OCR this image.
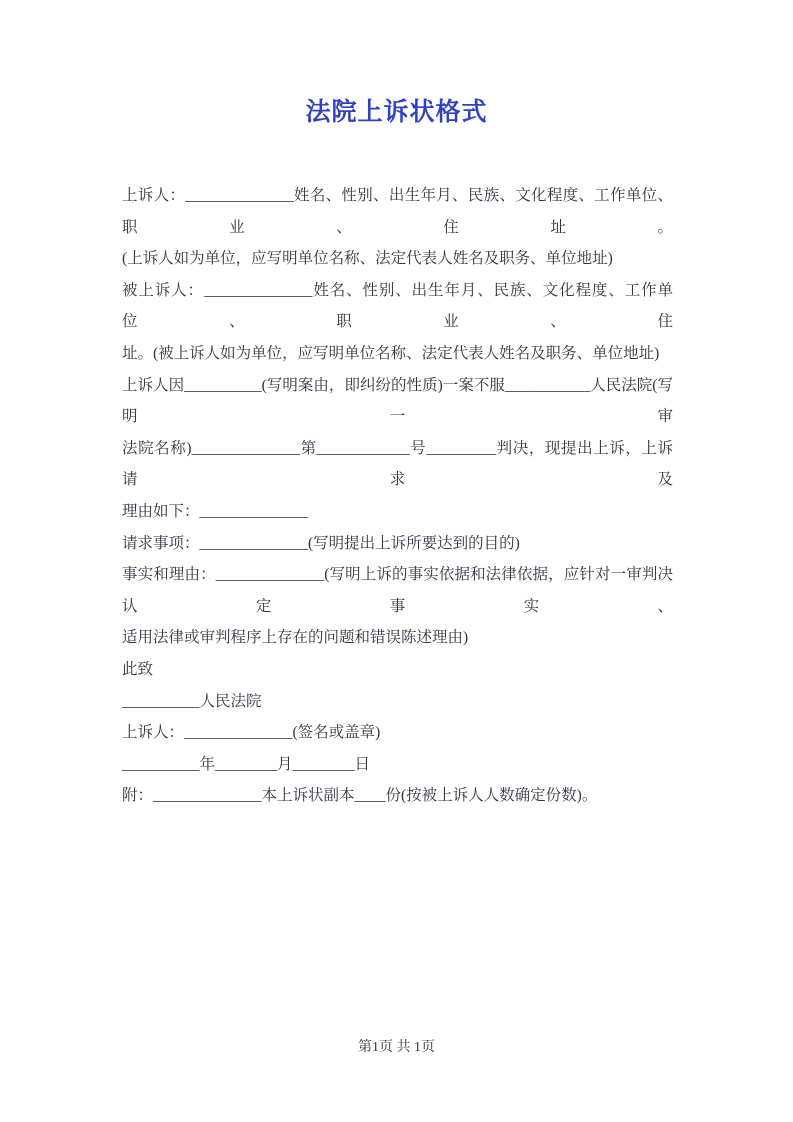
法院上诉状格式
上诉人：______________姓名、性别、出生年月、民族、文化程度、工作单位、职业、住址。
(上诉人如为单位，应写明单位名称、法定代表人姓名及职务、单位地址)
被上诉人：______________姓名、性别、出生年月、民族、文化程度、工作单位、职业、住
址。(被上诉人如为单位，应写明单位名称、法定代表人姓名及职务、单位地址)
上诉人因__________(写明案由，即纠纷的性质)一案不服___________人民法院(写明一审
法院名称)______________第____________号_________判决，现提出上诉，上诉请求及
理由如下：______________
请求事项：______________(写明提出上诉所要达到的目的)
事实和理由：______________(写明上诉的事实依据和法律依据，应针对一审判决认定事实、
适用法律或审判程序上存在的问题和错误陈述理由)
此致
__________人民法院
上诉人：______________(签名或盖章)
__________年________月________日
附：______________本上诉状副本____份(按被上诉人人数确定份数)。
第1页 共 1页
